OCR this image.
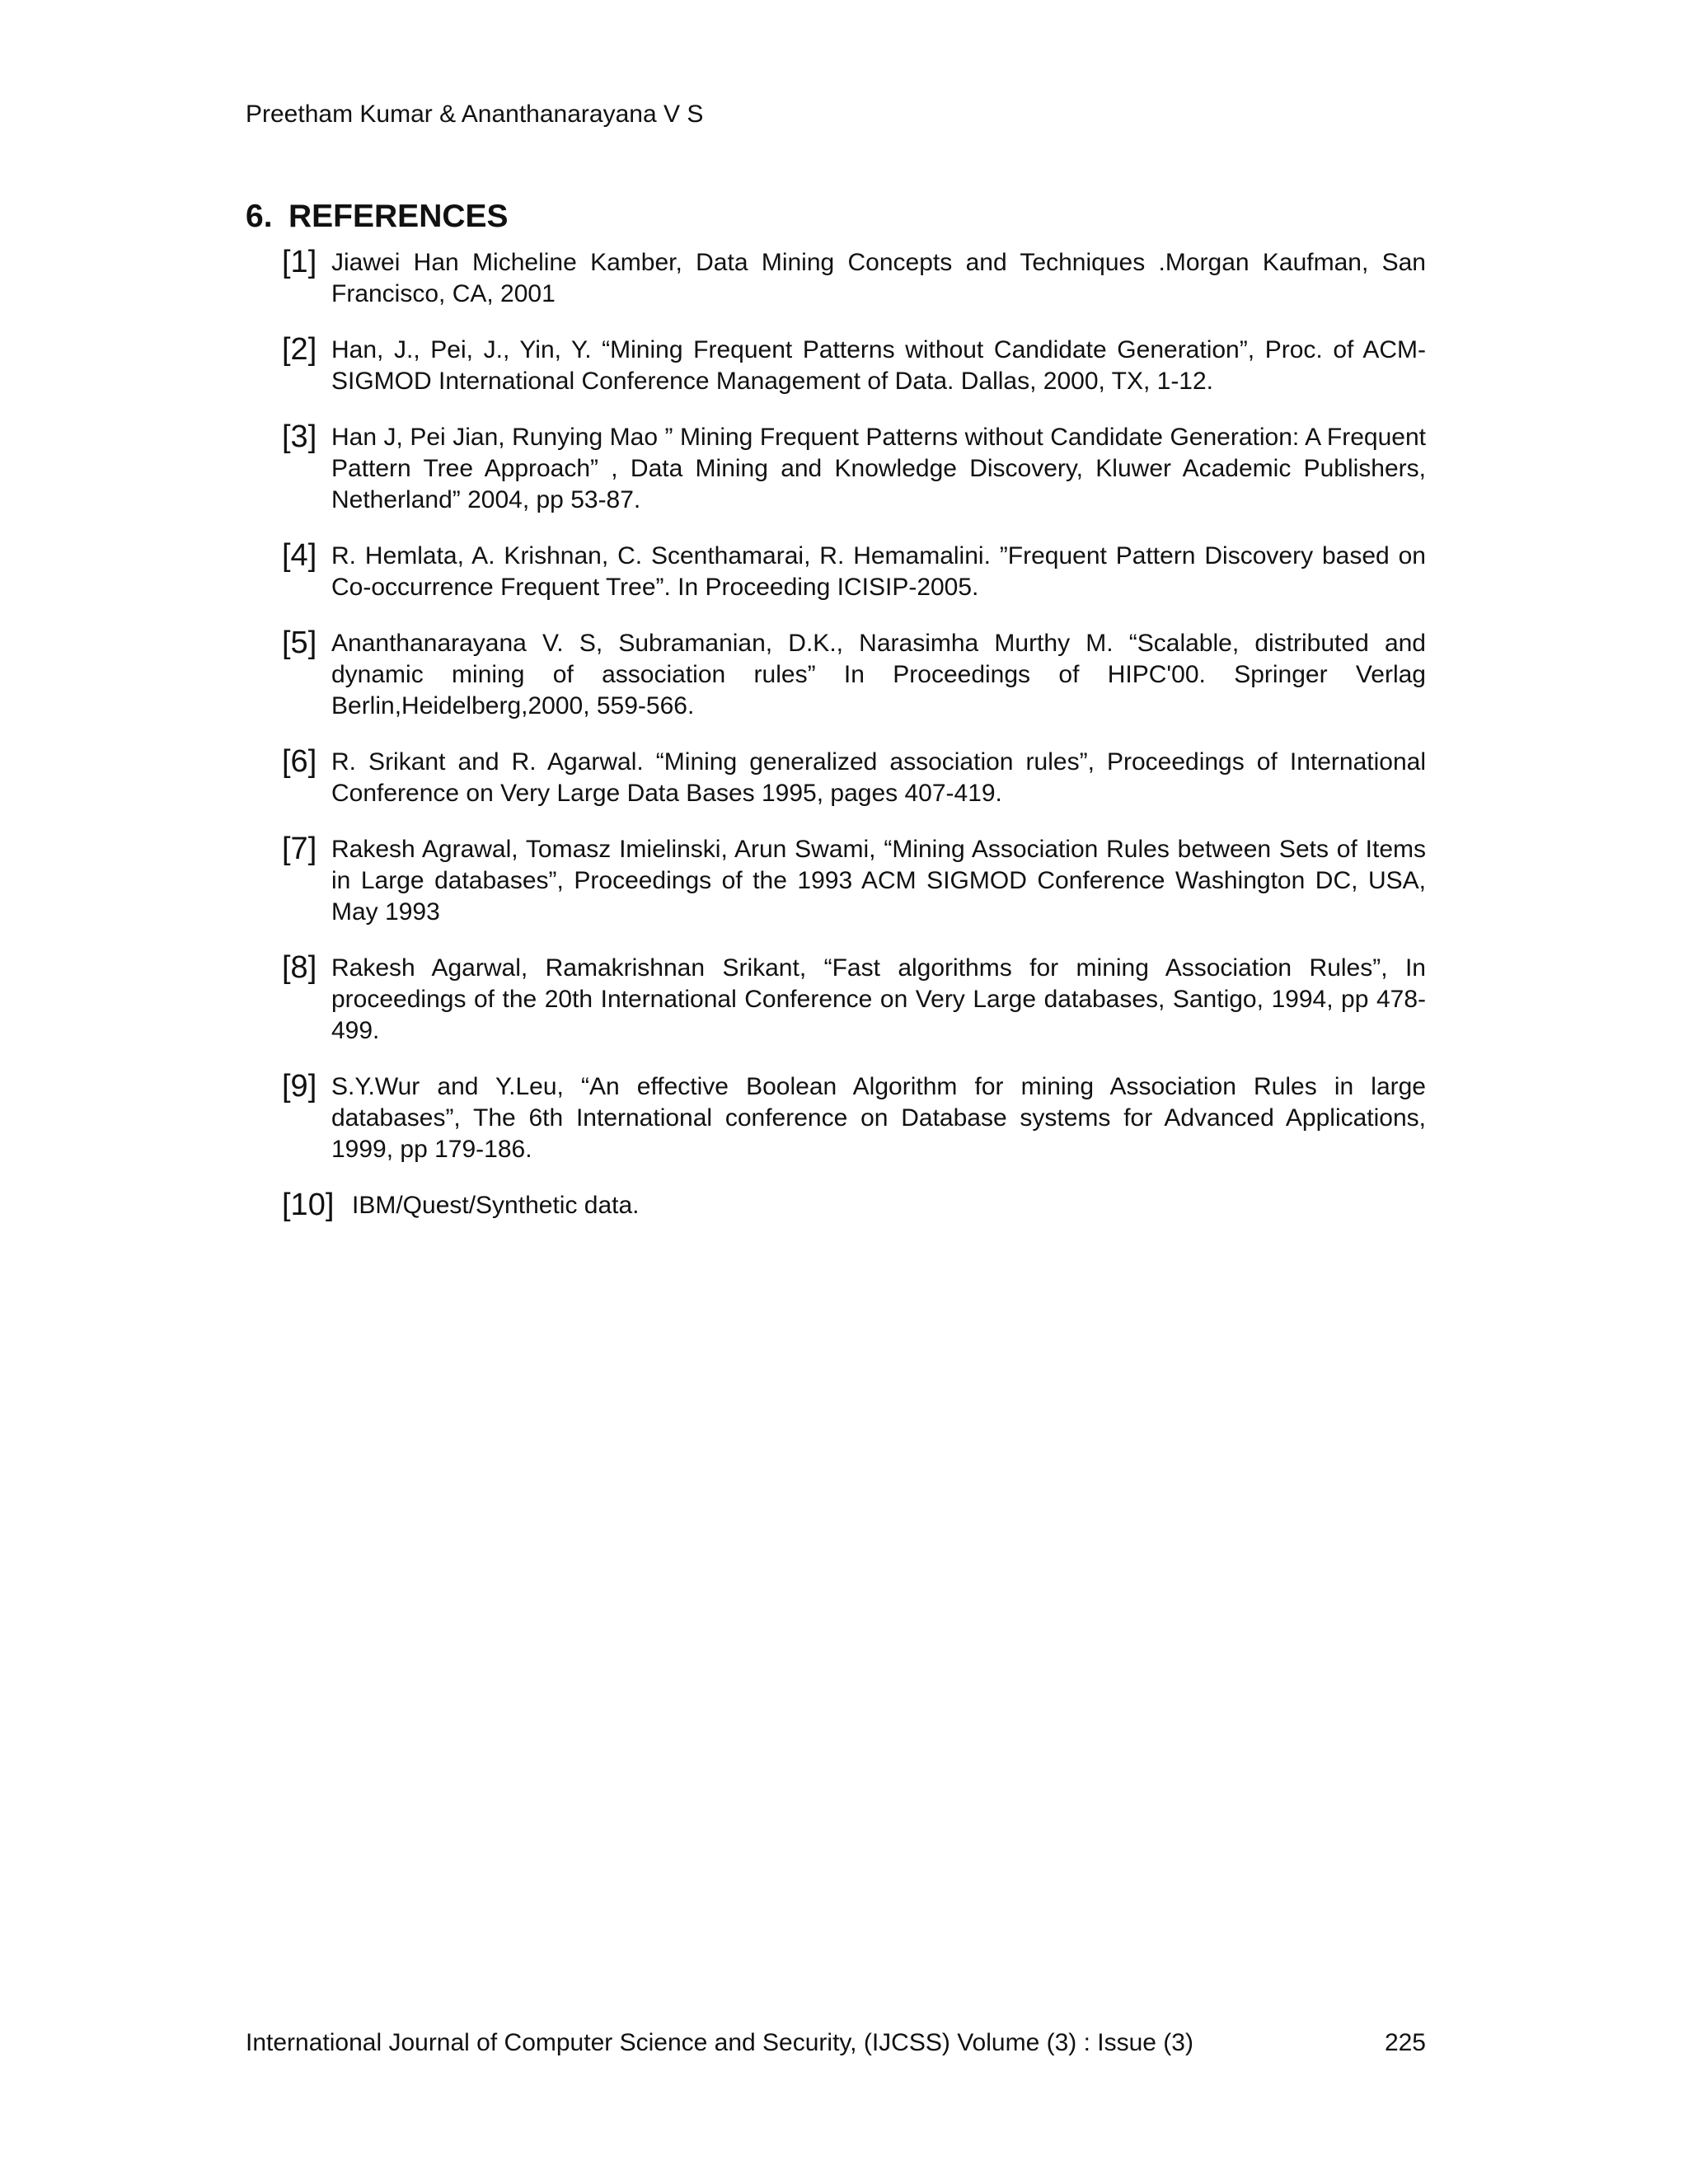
Preetham Kumar & Ananthanarayana V S
6. REFERENCES
[1] Jiawei Han Micheline Kamber, Data Mining Concepts and Techniques .Morgan Kaufman, San Francisco, CA, 2001
[2] Han, J., Pei, J., Yin, Y. “Mining Frequent Patterns without Candidate Generation”, Proc. of ACM-SIGMOD International Conference Management of Data. Dallas, 2000, TX, 1-12.
[3] Han J, Pei Jian, Runying Mao ” Mining Frequent Patterns without Candidate Generation: A Frequent Pattern Tree Approach” , Data Mining and Knowledge Discovery, Kluwer Academic Publishers, Netherland” 2004, pp 53-87.
[4] R. Hemlata, A. Krishnan, C. Scenthamarai, R. Hemamalini. ”Frequent Pattern Discovery based on Co-occurrence Frequent Tree”. In Proceeding ICISIP-2005.
[5] Ananthanarayana V. S, Subramanian, D.K., Narasimha Murthy M. “Scalable, distributed and dynamic mining of association rules” In Proceedings of HIPC'00. Springer Verlag Berlin,Heidelberg,2000, 559-566.
[6] R. Srikant and R. Agarwal. “Mining generalized association rules”, Proceedings of International Conference on Very Large Data Bases 1995, pages 407-419.
[7] Rakesh Agrawal, Tomasz Imielinski, Arun Swami, “Mining Association Rules between Sets of Items in Large databases”, Proceedings of the 1993 ACM SIGMOD Conference Washington DC, USA, May 1993
[8] Rakesh Agarwal, Ramakrishnan Srikant, “Fast algorithms for mining Association Rules”, In proceedings of the 20th International Conference on Very Large databases, Santigo, 1994, pp 478-499.
[9] S.Y.Wur and Y.Leu, “An effective Boolean Algorithm for mining Association Rules in large databases”, The 6th International conference on Database systems for Advanced Applications, 1999, pp 179-186.
[10] IBM/Quest/Synthetic data.
International Journal of Computer Science and Security, (IJCSS) Volume (3) : Issue (3)	225
